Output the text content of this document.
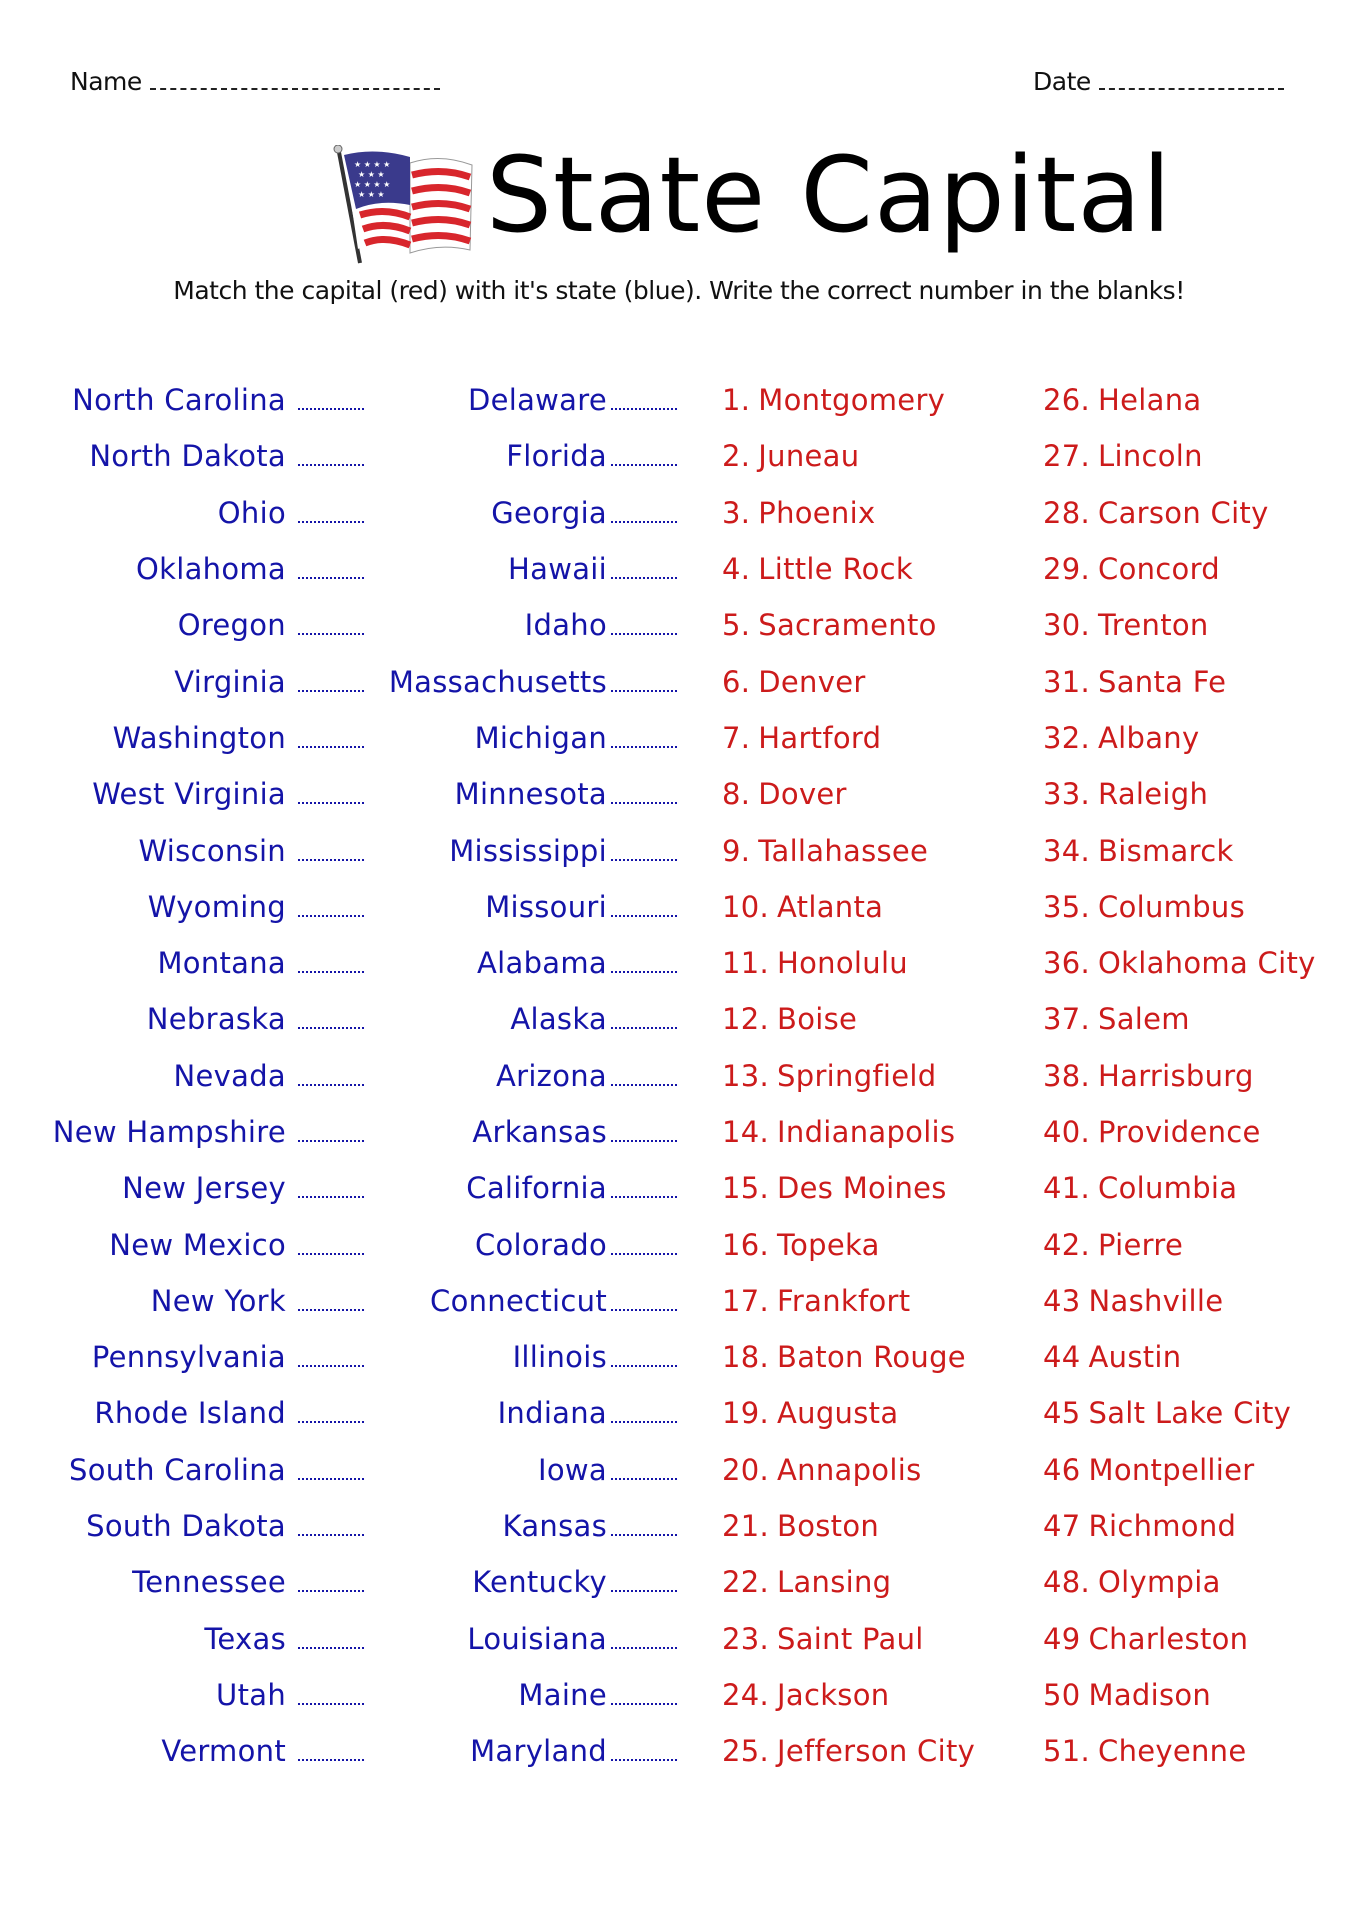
Name	Date
★ ★ ★ ★
★ ★ ★
★ ★ ★ ★
★ ★ ★ State Capital
Match the capital (red) with it's state (blue). Write the correct number in the blanks!
North Carolina
North Dakota
Ohio
Oklahoma
Oregon
Virginia
Washington
West Virginia
Wisconsin
Wyoming
Montana
Nebraska
Nevada
New Hampshire
New Jersey
New Mexico
New York
Pennsylvania
Rhode Island
South Carolina
South Dakota
Tennessee
Texas
Utah
Vermont
Delaware
Florida
Georgia
Hawaii
Idaho
Massachusetts
Michigan
Minnesota
Mississippi
Missouri
Alabama
Alaska
Arizona
Arkansas
California
Colorado
Connecticut
Illinois
Indiana
Iowa
Kansas
Kentucky
Louisiana
Maine
Maryland
1. Montgomery
2. Juneau
3. Phoenix
4. Little Rock
5. Sacramento
6. Denver
7. Hartford
8. Dover
9. Tallahassee
10. Atlanta
11. Honolulu
12. Boise
13. Springfield
14. Indianapolis
15. Des Moines
16. Topeka
17. Frankfort
18. Baton Rouge
19. Augusta
20. Annapolis
21. Boston
22. Lansing
23. Saint Paul
24. Jackson
25. Jefferson City
26. Helana
27. Lincoln
28. Carson City
29. Concord
30. Trenton
31. Santa Fe
32. Albany
33. Raleigh
34. Bismarck
35. Columbus
36. Oklahoma City
37. Salem
38. Harrisburg
40. Providence
41. Columbia
42. Pierre
43 Nashville
44 Austin
45 Salt Lake City
46 Montpellier
47 Richmond
48. Olympia
49 Charleston
50 Madison
51. Cheyenne
